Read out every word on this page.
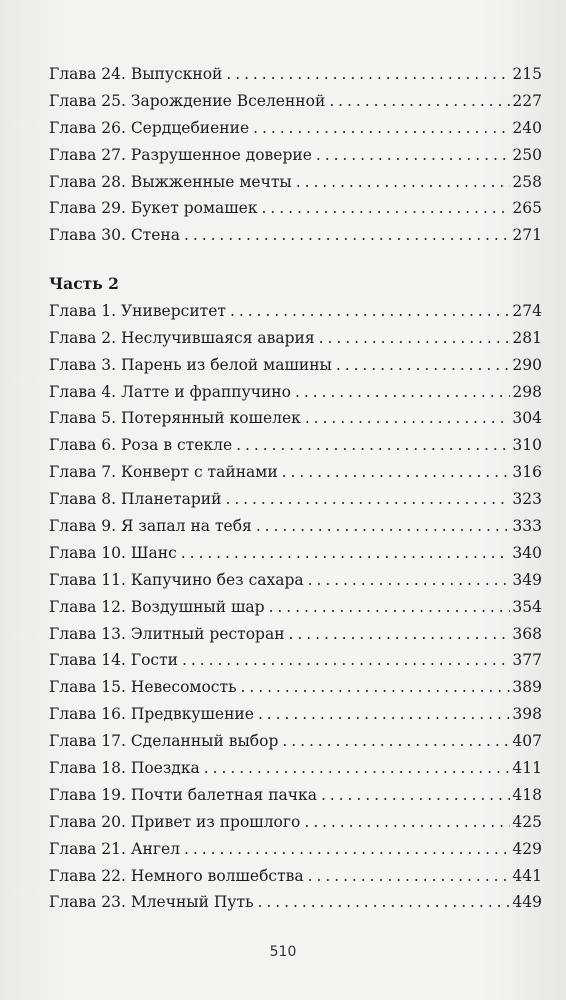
Глава 24. Выпускной . . .	215
Глава 25. Зарождение Вселенной . . .	227
Глава 26. Сердцебиение . . .	240
Глава 27. Разрушенное доверие . . .	250
Глава 28. Выжженные мечты . . .	258
Глава 29. Букет ромашек . . .	265
Глава 30. Стена . . .	271
Часть 2
Глава 1. Университет . . .	274
Глава 2. Неслучившаяся авария . . .	281
Глава 3. Парень из белой машины . . .	290
Глава 4. Латте и фраппучино . . .	298
Глава 5. Потерянный кошелек . . .	304
Глава 6. Роза в стекле . . .	310
Глава 7. Конверт с тайнами . . .	316
Глава 8. Планетарий . . .	323
Глава 9. Я запал на тебя . . .	333
Глава 10. Шанс . . .	340
Глава 11. Капучино без сахара . . .	349
Глава 12. Воздушный шар . . .	354
Глава 13. Элитный ресторан . . .	368
Глава 14. Гости . . .	377
Глава 15. Невесомость . . .	389
Глава 16. Предвкушение . . .	398
Глава 17. Сделанный выбор . . .	407
Глава 18. Поездка . . .	411
Глава 19. Почти балетная пачка . . .	418
Глава 20. Привет из прошлого . . .	425
Глава 21. Ангел . . .	429
Глава 22. Немного волшебства . . .	441
Глава 23. Млечный Путь . . .	449
510
